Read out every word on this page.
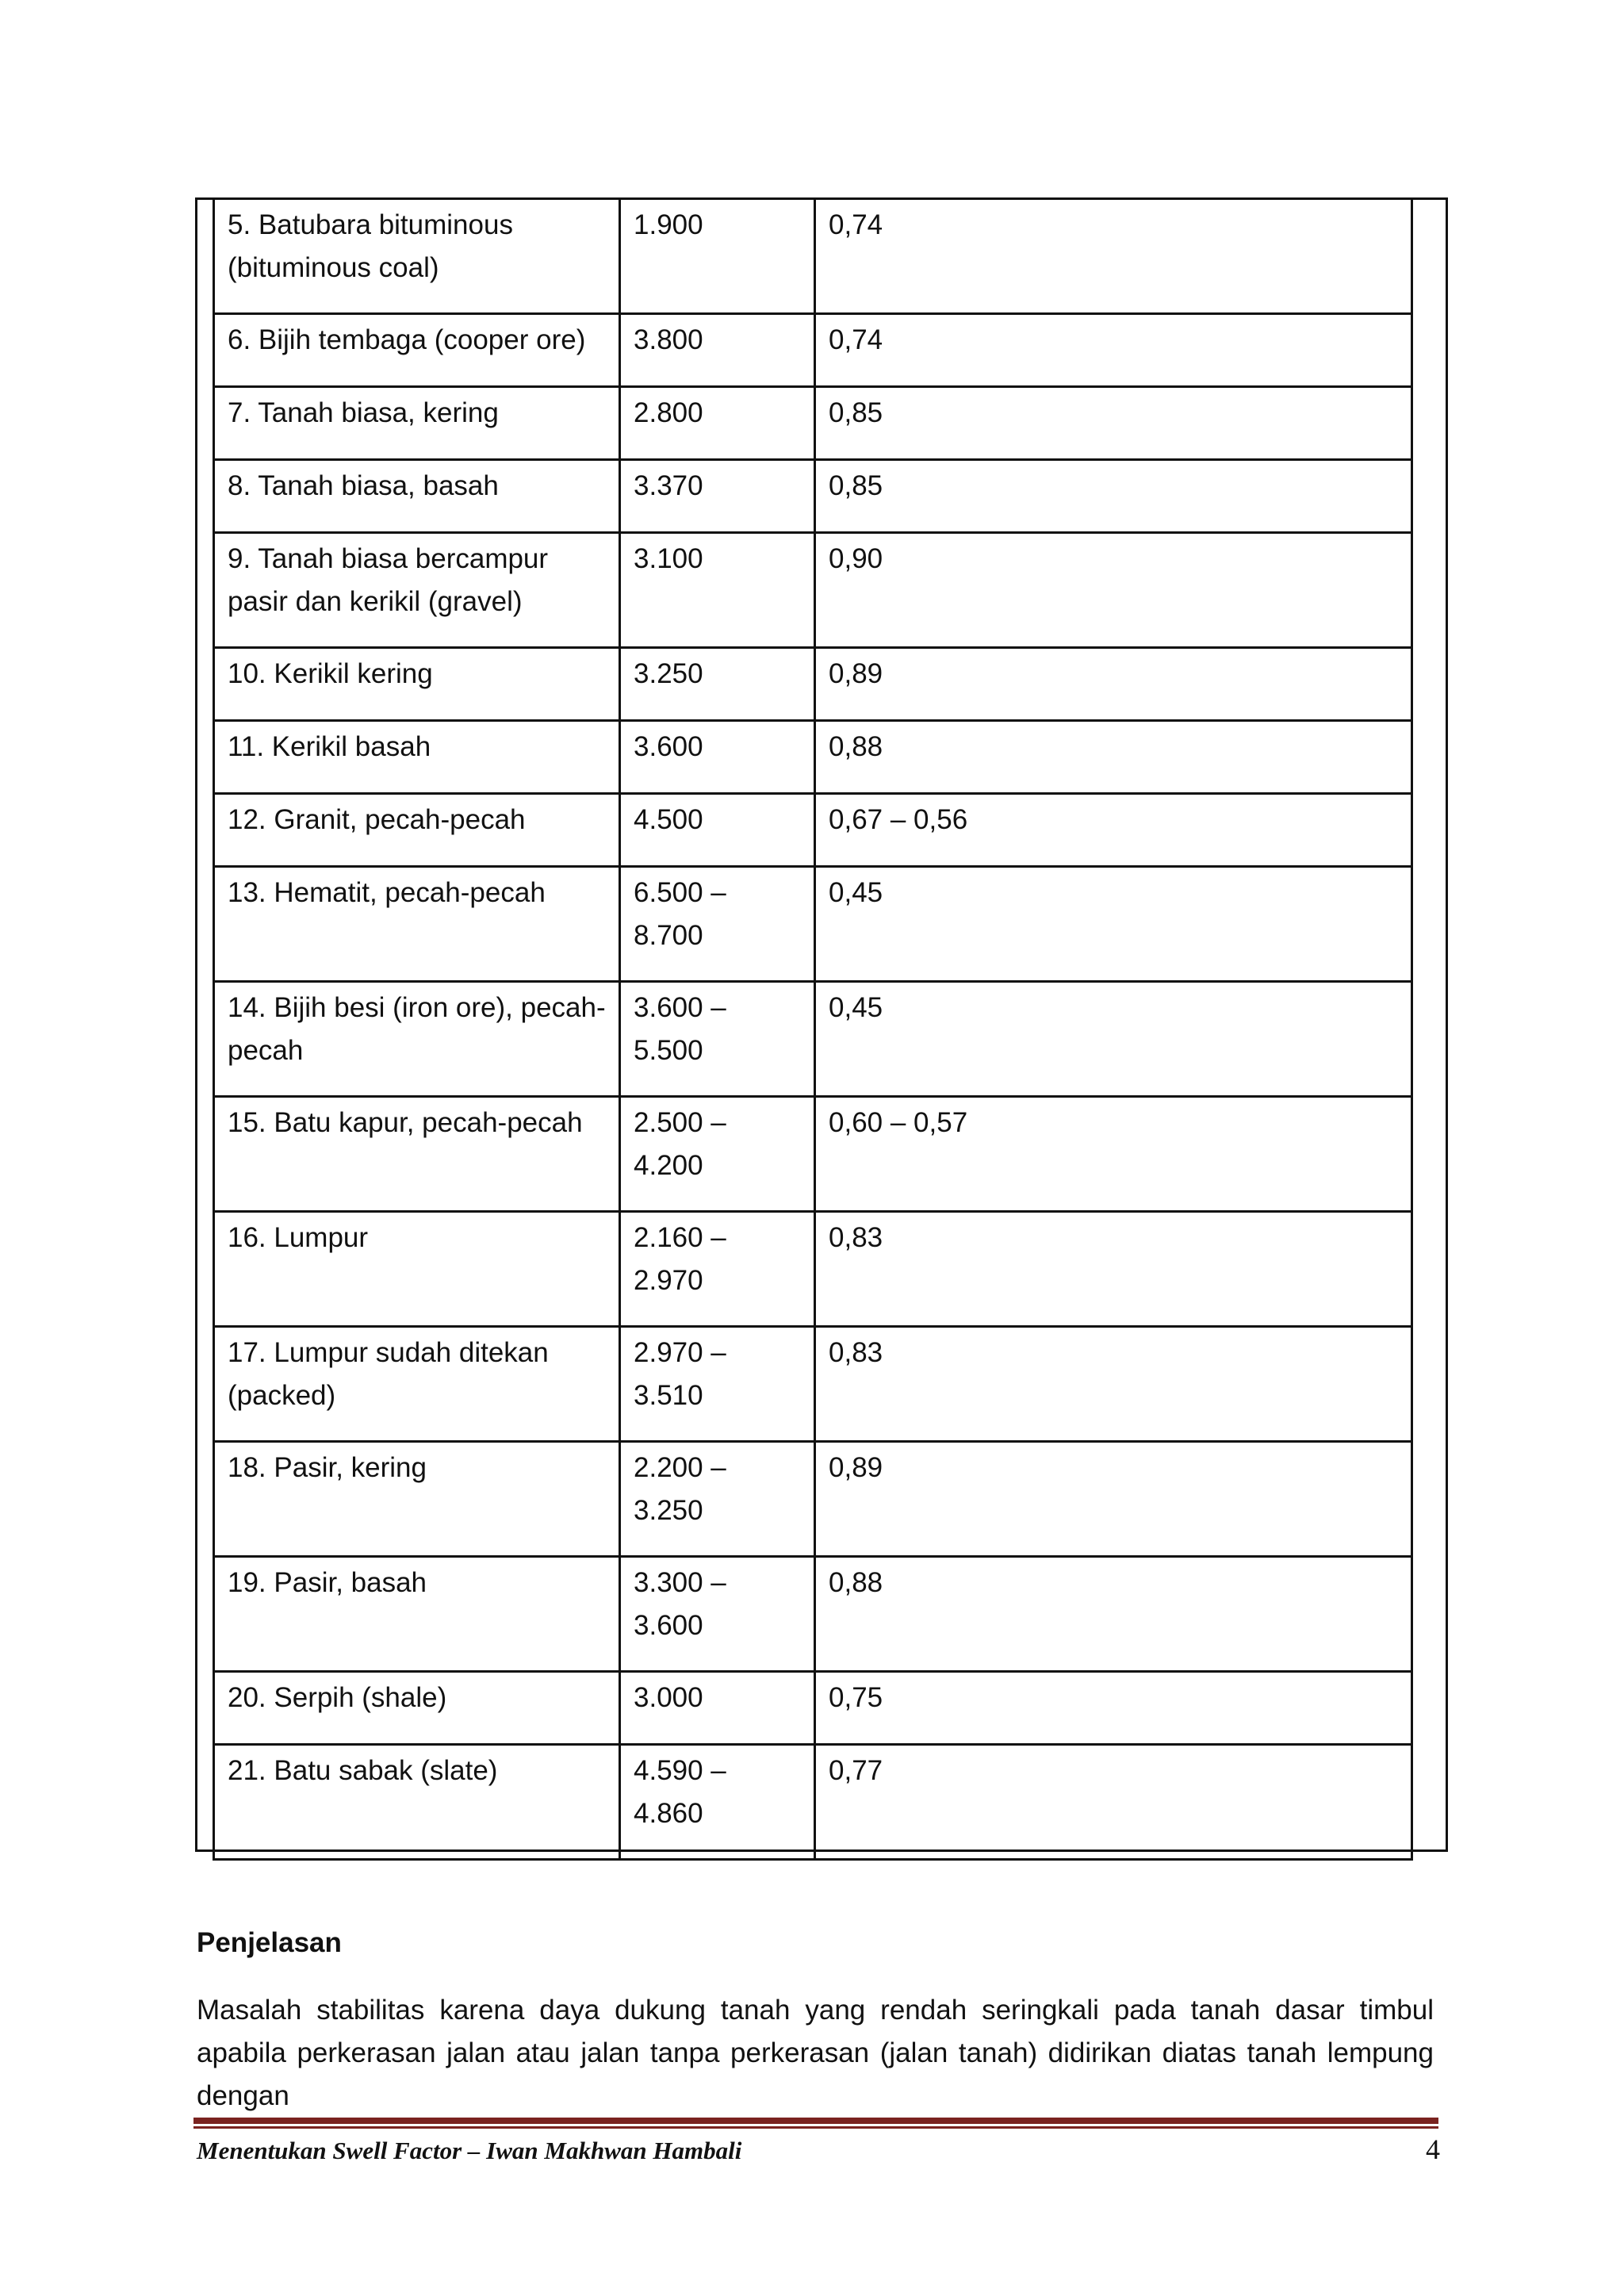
5. Batubara bituminous (bituminous coal)	1.900	0,74
6. Bijih tembaga (cooper ore)	3.800	0,74
7. Tanah biasa, kering	2.800	0,85
8. Tanah biasa, basah	3.370	0,85
9. Tanah biasa bercampur pasir dan kerikil (gravel)	3.100	0,90
10. Kerikil kering	3.250	0,89
11. Kerikil basah	3.600	0,88
12. Granit, pecah-pecah	4.500	0,67 – 0,56
13. Hematit, pecah-pecah	6.500 – 8.700	0,45
14. Bijih besi (iron ore), pecah-pecah	3.600 – 5.500	0,45
15. Batu kapur, pecah-pecah	2.500 – 4.200	0,60 – 0,57
16. Lumpur	2.160 – 2.970	0,83
17. Lumpur sudah ditekan (packed)	2.970 – 3.510	0,83
18. Pasir, kering	2.200 – 3.250	0,89
19. Pasir, basah	3.300 – 3.600	0,88
20. Serpih (shale)	3.000	0,75
21. Batu sabak (slate)	4.590 – 4.860	0,77
Penjelasan
Masalah stabilitas karena daya dukung tanah yang rendah seringkali pada tanah dasar timbul apabila perkerasan jalan atau jalan tanpa perkerasan (jalan tanah) didirikan diatas tanah lempung dengan
Menentukan Swell Factor – Iwan Makhwan Hambali	4
